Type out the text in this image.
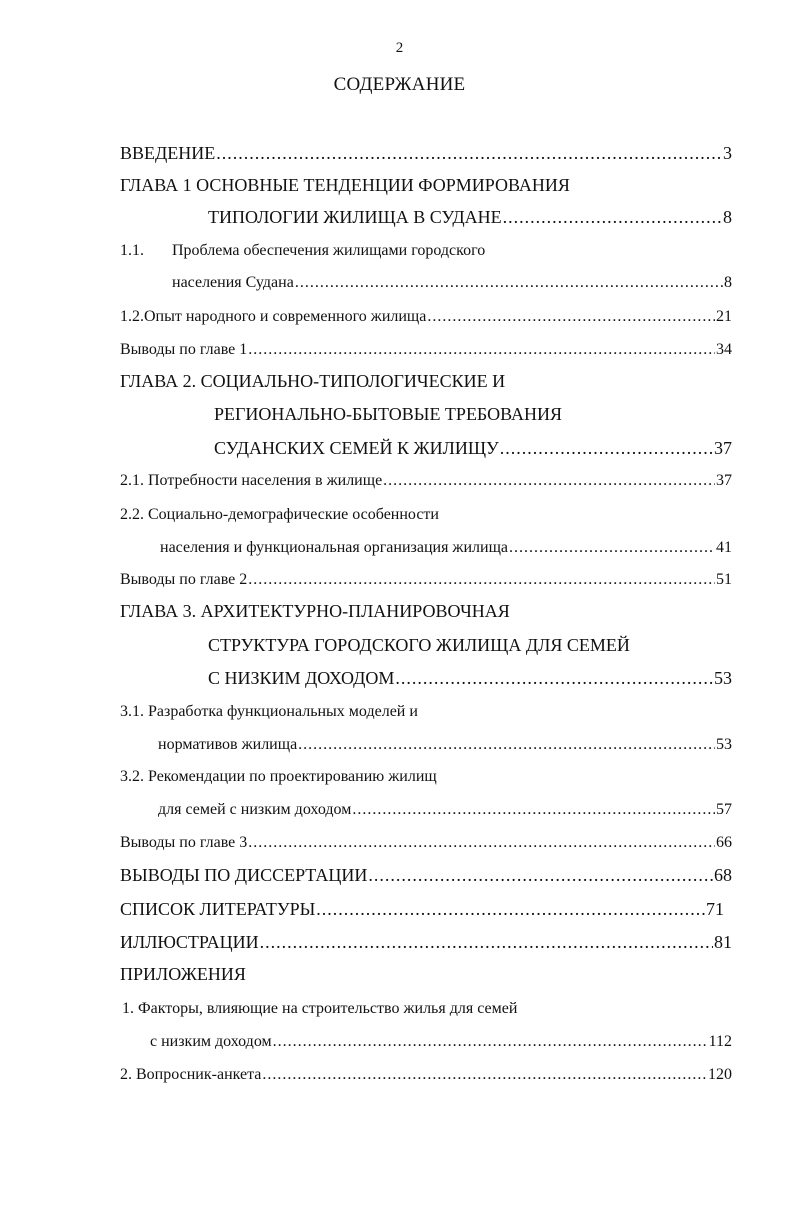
2
СОДЕРЖАНИЕ
ВВЕДЕНИЕ .....	3
ГЛАВА 1 ОСНОВНЫЕ ТЕНДЕНЦИИ ФОРМИРОВАНИЯ
ТИПОЛОГИИ ЖИЛИЩА В СУДАНЕ .....	8
1.1.	Проблема обеспечения жилищами городского
населения Судана .....	8
1.2. Опыт народного и современного жилища .....	21
Выводы по главе 1 .....	34
ГЛАВА 2. СОЦИАЛЬНО-ТИПОЛОГИЧЕСКИЕ И
РЕГИОНАЛЬНО-БЫТОВЫЕ ТРЕБОВАНИЯ
СУДАНСКИХ СЕМЕЙ К ЖИЛИЩУ .....	37
2.1. Потребности населения в жилище .....	37
2.2. Социально-демографические особенности
населения и функциональная организация жилища .....	41
Выводы по главе 2 .....	51
ГЛАВА 3. АРХИТЕКТУРНО-ПЛАНИРОВОЧНАЯ
СТРУКТУРА ГОРОДСКОГО ЖИЛИЩА ДЛЯ СЕМЕЙ
С НИЗКИМ ДОХОДОМ .....	53
3.1. Разработка функциональных моделей и
нормативов жилища .....	53
3.2. Рекомендации по проектированию жилищ
для семей с низким доходом .....	57
Выводы по главе 3 .....	66
ВЫВОДЫ ПО ДИССЕРТАЦИИ .....	68
СПИСОК ЛИТЕРАТУРЫ .....	71
ИЛЛЮСТРАЦИИ .....	81
ПРИЛОЖЕНИЯ
1. Факторы, влияющие на строительство жилья для семей
с низким доходом .....	112
2. Вопросник-анкета .....	120
